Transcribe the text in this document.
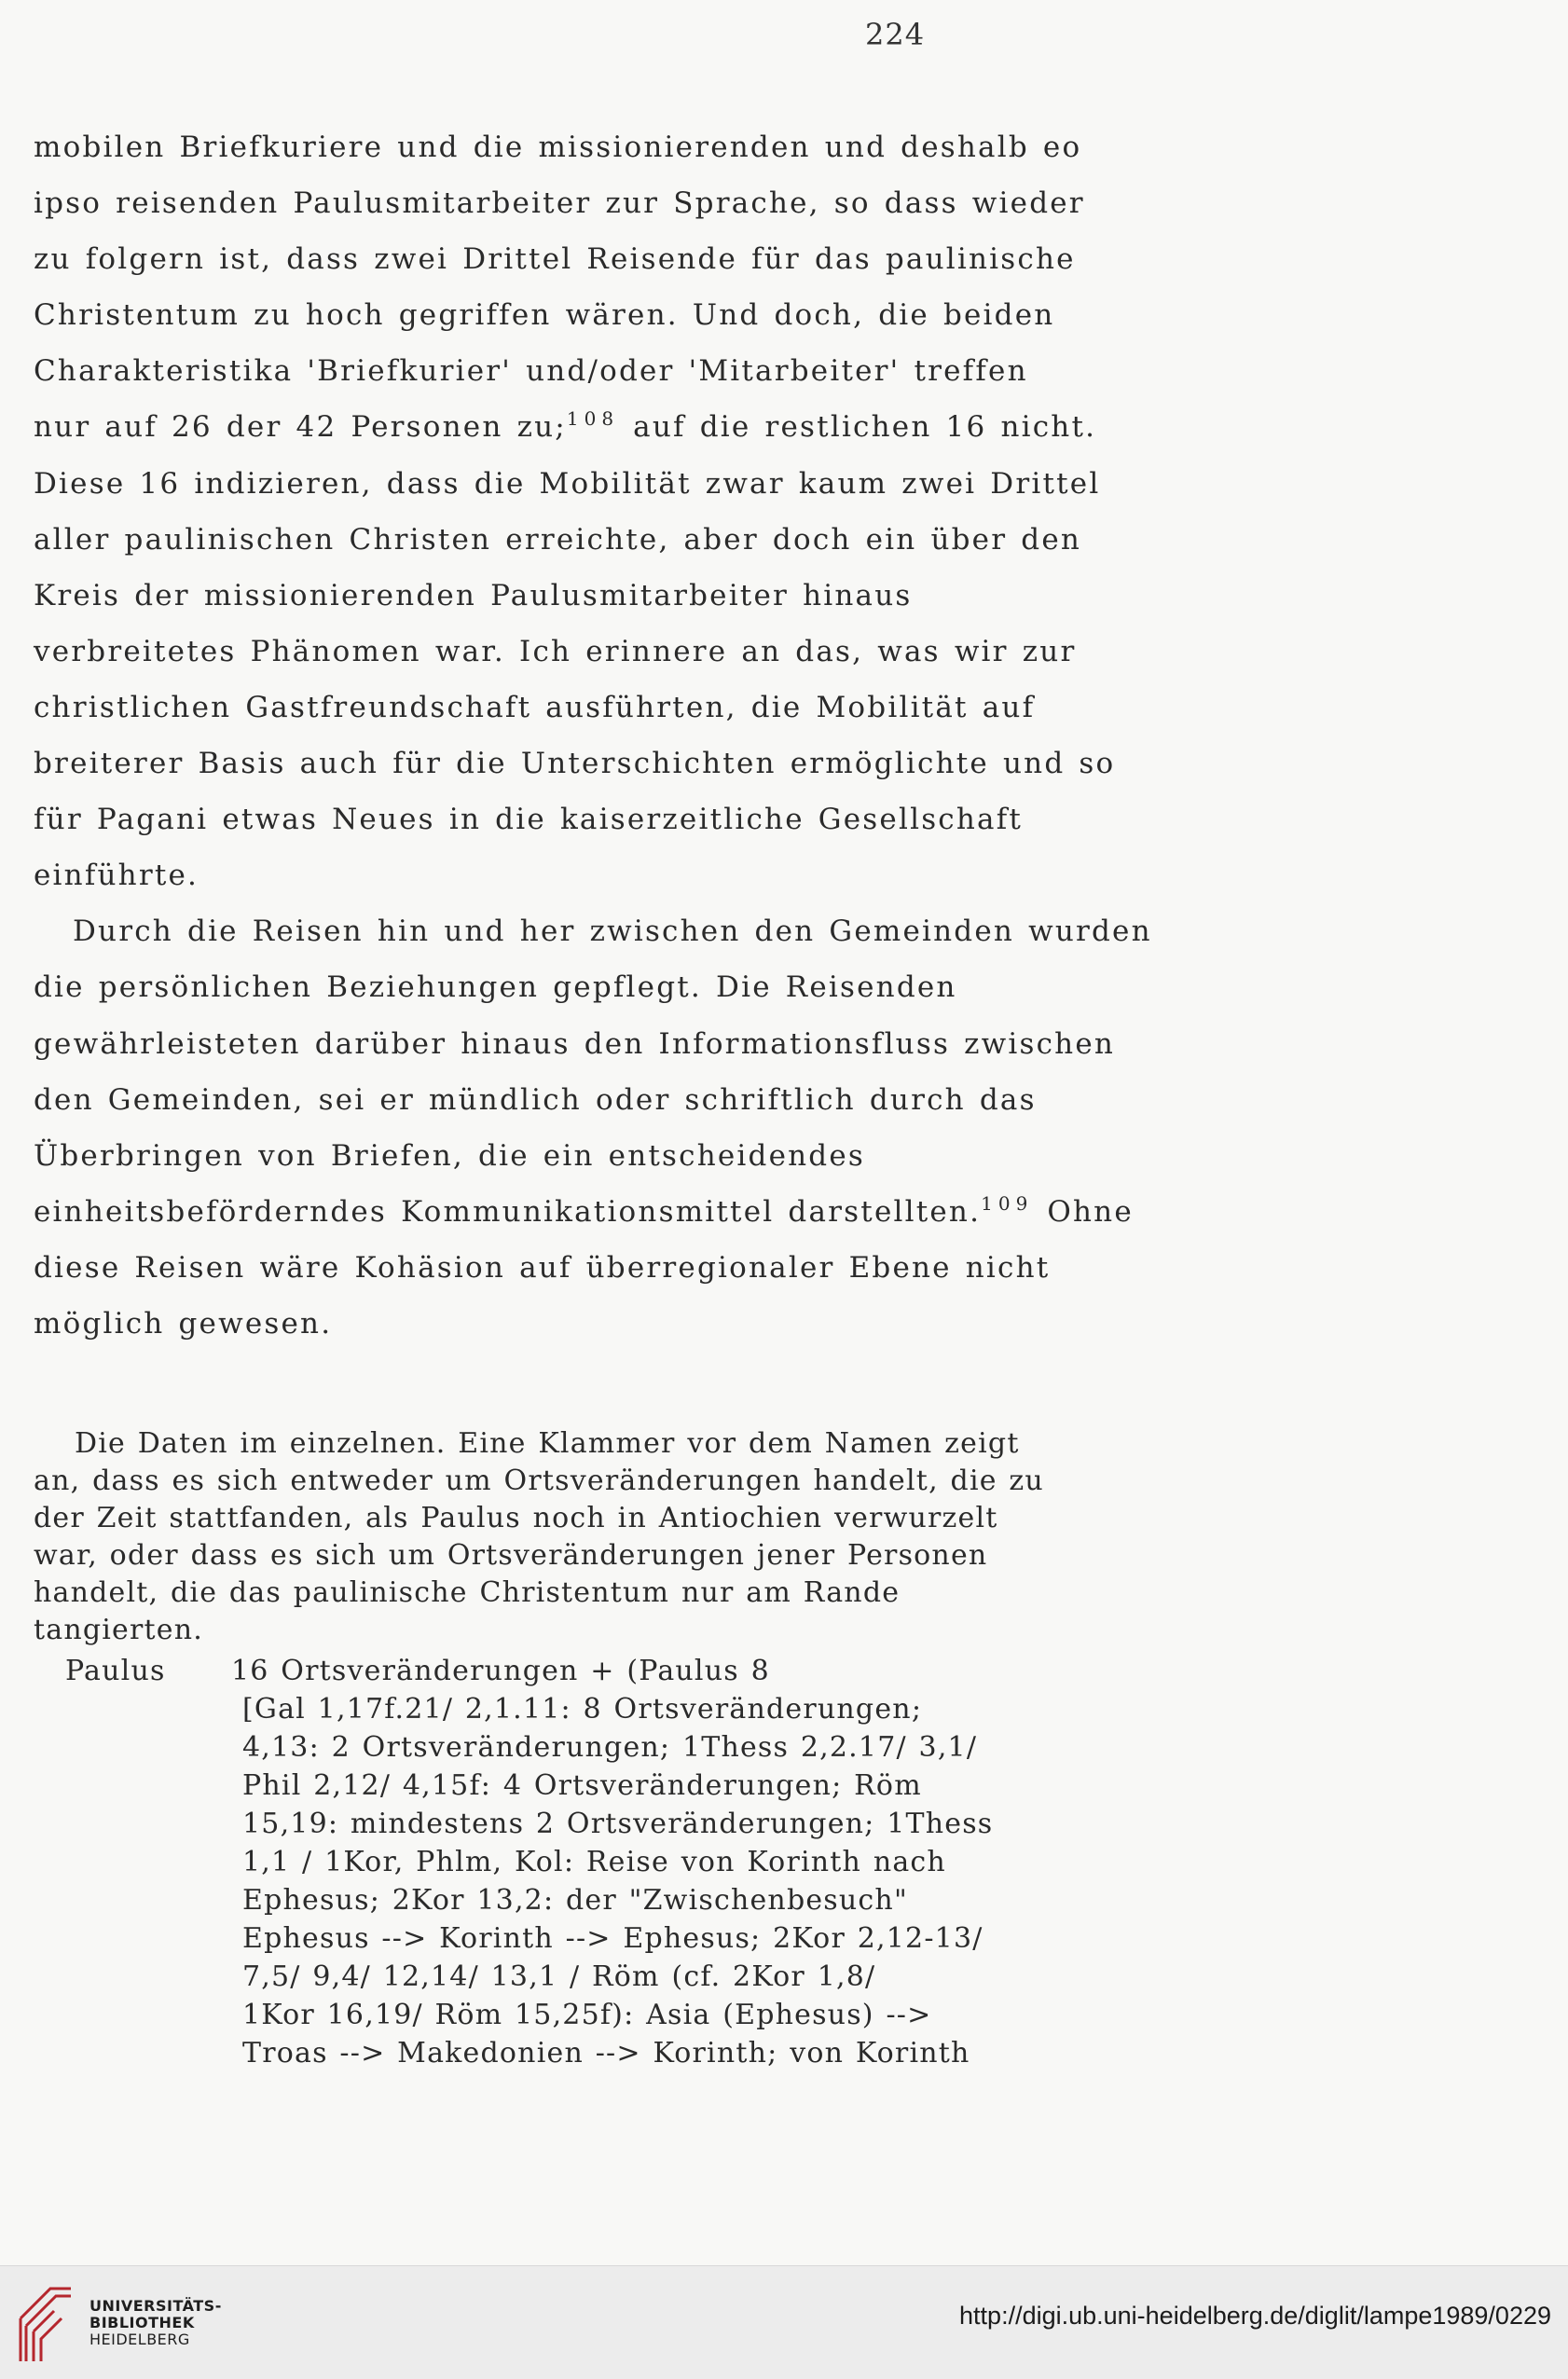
224
mobilen Briefkuriere und die missionierenden und deshalb eo
ipso reisenden Paulusmitarbeiter zur Sprache, so dass wieder
zu folgern ist, dass zwei Drittel Reisende für das paulinische
Christentum zu hoch gegriffen wären. Und doch, die beiden
Charakteristika 'Briefkurier' und/oder 'Mitarbeiter' treffen
nur auf 26 der 42 Personen zu;$^{108}$ auf die restlichen 16 nicht.
Diese 16 indizieren, dass die Mobilität zwar kaum zwei Drittel
aller paulinischen Christen erreichte, aber doch ein über den
Kreis der missionierenden Paulusmitarbeiter hinaus
verbreitetes Phänomen war. Ich erinnere an das, was wir zur
christlichen Gastfreundschaft ausführten, die Mobilität auf
breiterer Basis auch für die Unterschichten ermöglichte und so
für Pagani etwas Neues in die kaiserzeitliche Gesellschaft
einführte.
Durch die Reisen hin und her zwischen den Gemeinden wurden
die persönlichen Beziehungen gepflegt. Die Reisenden
gewährleisteten darüber hinaus den Informationsfluss zwischen
den Gemeinden, sei er mündlich oder schriftlich durch das
Überbringen von Briefen, die ein entscheidendes
einheitsbeförderndes Kommunikationsmittel darstellten.$^{109}$ Ohne
diese Reisen wäre Kohäsion auf überregionaler Ebene nicht
möglich gewesen.
Die Daten im einzelnen. Eine Klammer vor dem Namen zeigt
an, dass es sich entweder um Ortsveränderungen handelt, die zu
der Zeit stattfanden, als Paulus noch in Antiochien verwurzelt
war, oder dass es sich um Ortsveränderungen jener Personen
handelt, die das paulinische Christentum nur am Rande
tangierten.
Paulus 16 Ortsveränderungen + (Paulus 8
[Gal 1,17f.21/ 2,1.11: 8 Ortsveränderungen;
4,13: 2 Ortsveränderungen; 1Thess 2,2.17/ 3,1/
Phil 2,12/ 4,15f: 4 Ortsveränderungen; Röm
15,19: mindestens 2 Ortsveränderungen; 1Thess
1,1 / 1Kor, Phlm, Kol: Reise von Korinth nach
Ephesus; 2Kor 13,2: der "Zwischenbesuch"
Ephesus --> Korinth --> Ephesus; 2Kor 2,12-13/
7,5/ 9,4/ 12,14/ 13,1 / Röm (cf. 2Kor 1,8/
1Kor 16,19/ Röm 15,25f): Asia (Ephesus) -->
Troas --> Makedonien --> Korinth; von Korinth
UNIVERSITÄTS-
BIBLIOTHEK
HEIDELBERG
http://digi.ub.uni-heidelberg.de/diglit/lampe1989/0229
